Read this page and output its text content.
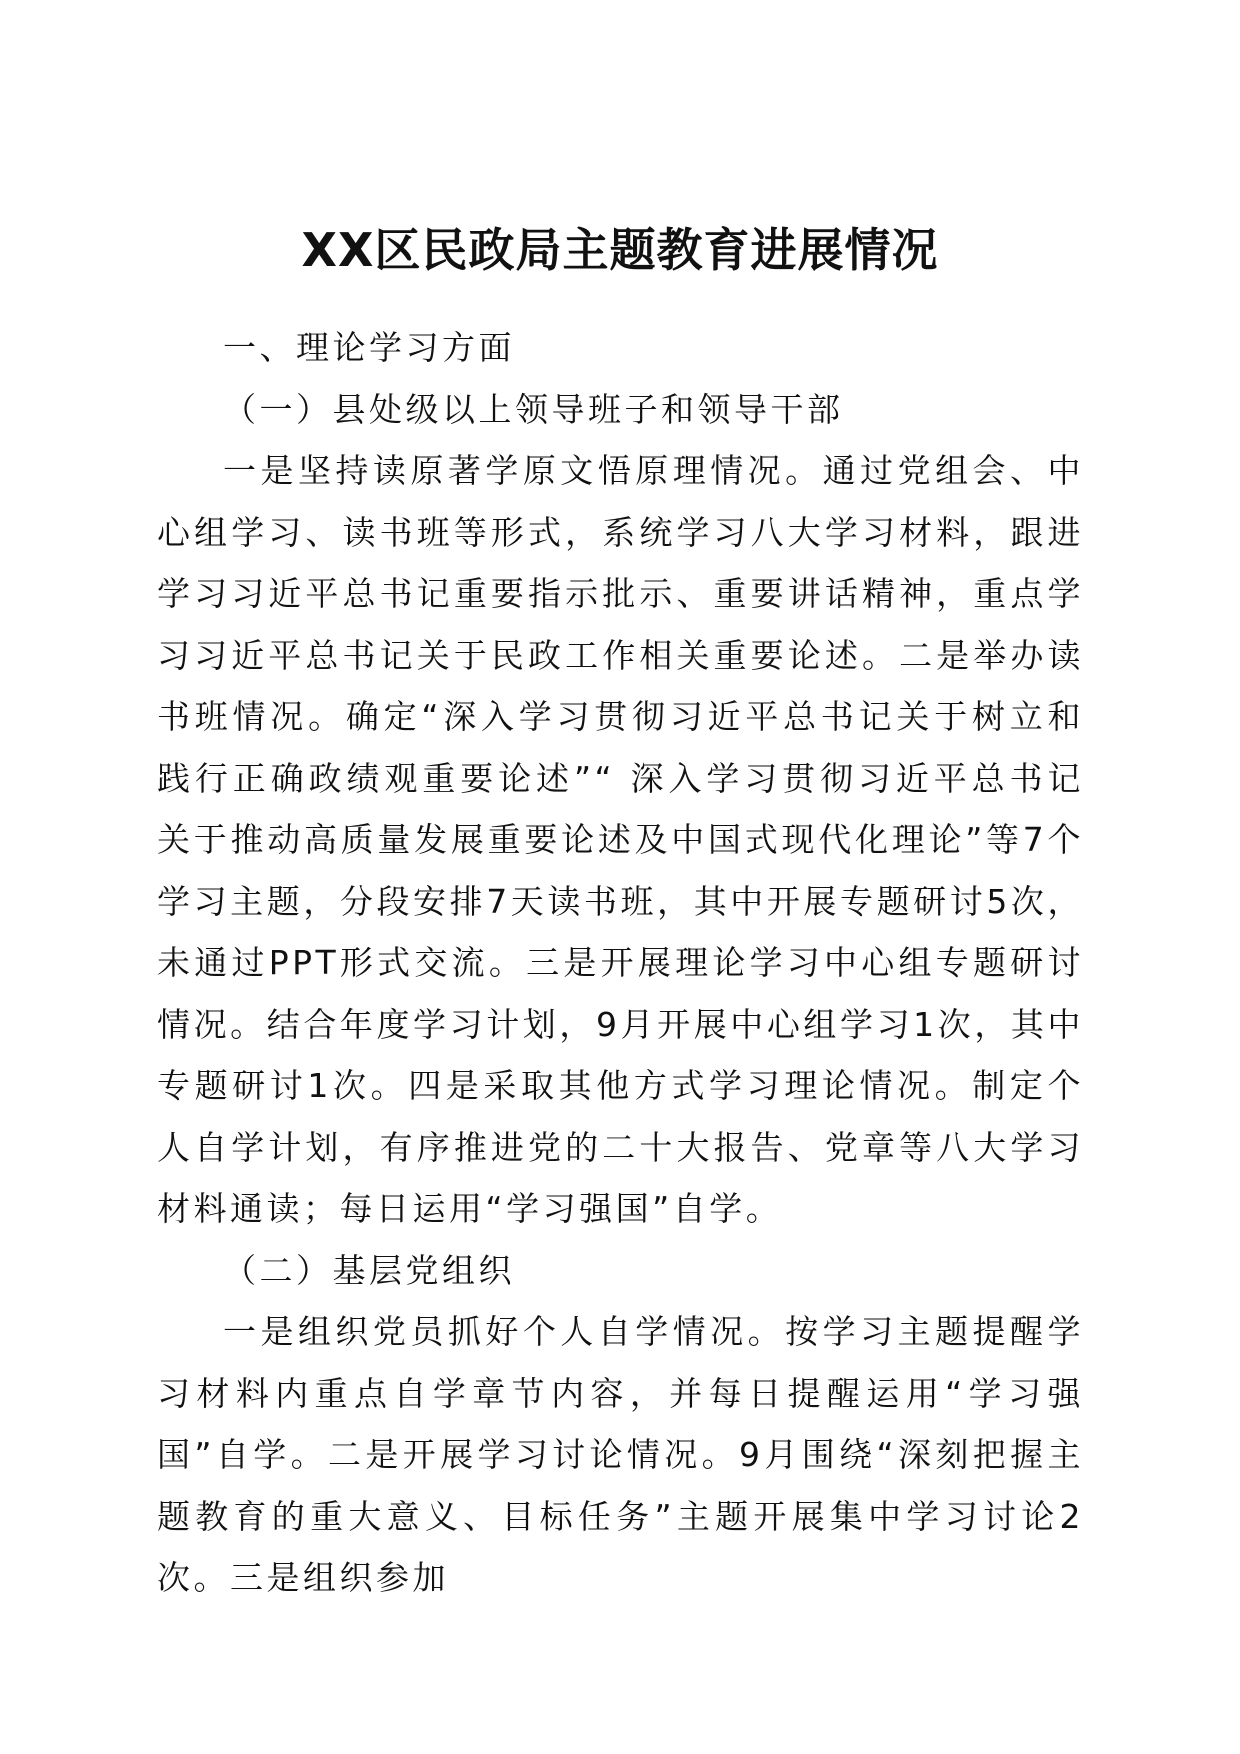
XX区民政局主题教育进展情况

一、理论学习方面

（一）县处级以上领导班子和领导干部

一是坚持读原著学原文悟原理情况。通过党组会、中心组学习、读书班等形式，系统学习八大学习材料，跟进学习习近平总书记重要指示批示、重要讲话精神，重点学习习近平总书记关于民政工作相关重要论述。二是举办读书班情况。确定“深入学习贯彻习近平总书记关于树立和践行正确政绩观重要论述”“ 深入学习贯彻习近平总书记关于推动高质量发展重要论述及中国式现代化理论”等7个学习主题，分段安排7天读书班，其中开展专题研讨5次，未通过PPT形式交流。三是开展理论学习中心组专题研讨情况。结合年度学习计划，9月开展中心组学习1次，其中专题研讨1次。四是采取其他方式学习理论情况。制定个人自学计划，有序推进党的二十大报告、党章等八大学习材料通读；每日运用“学习强国”自学。

（二）基层党组织

一是组织党员抓好个人自学情况。按学习主题提醒学习材料内重点自学章节内容，并每日提醒运用“学习强国”自学。二是开展学习讨论情况。9月围绕“深刻把握主题教育的重大意义、目标任务”主题开展集中学习讨论2次。三是组织参加
